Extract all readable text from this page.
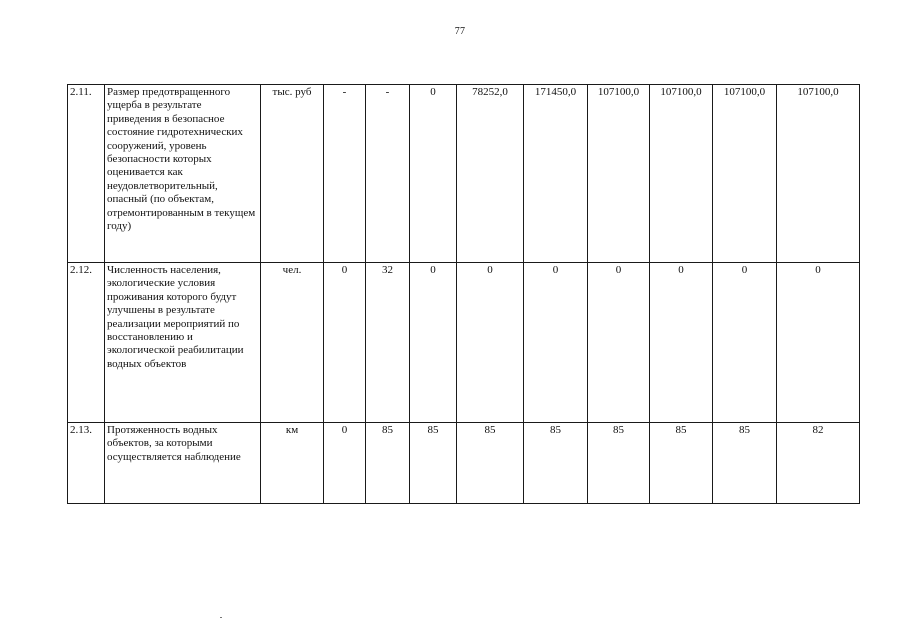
77
2.11.	Размер предотвращенного ущерба в результате приведения в безопасное состояние гидротехнических сооружений, уровень безопасности которых оценивается как неудовлетворительный, опасный (по объектам, отремонтированным в текущем году)	тыс. руб	-	-	0	78252,0	171450,0	107100,0	107100,0	107100,0	107100,0
2.12.	Численность населения, экологические условия проживания которого будут улучшены в результате реализации мероприятий по восстановлению и экологической реабилитации водных объектов	чел.	0	32	0	0	0	0	0	0	0
2.13.	Протяженность водных объектов, за которыми осуществляется наблюдение	км	0	85	85	85	85	85	85	85	82
